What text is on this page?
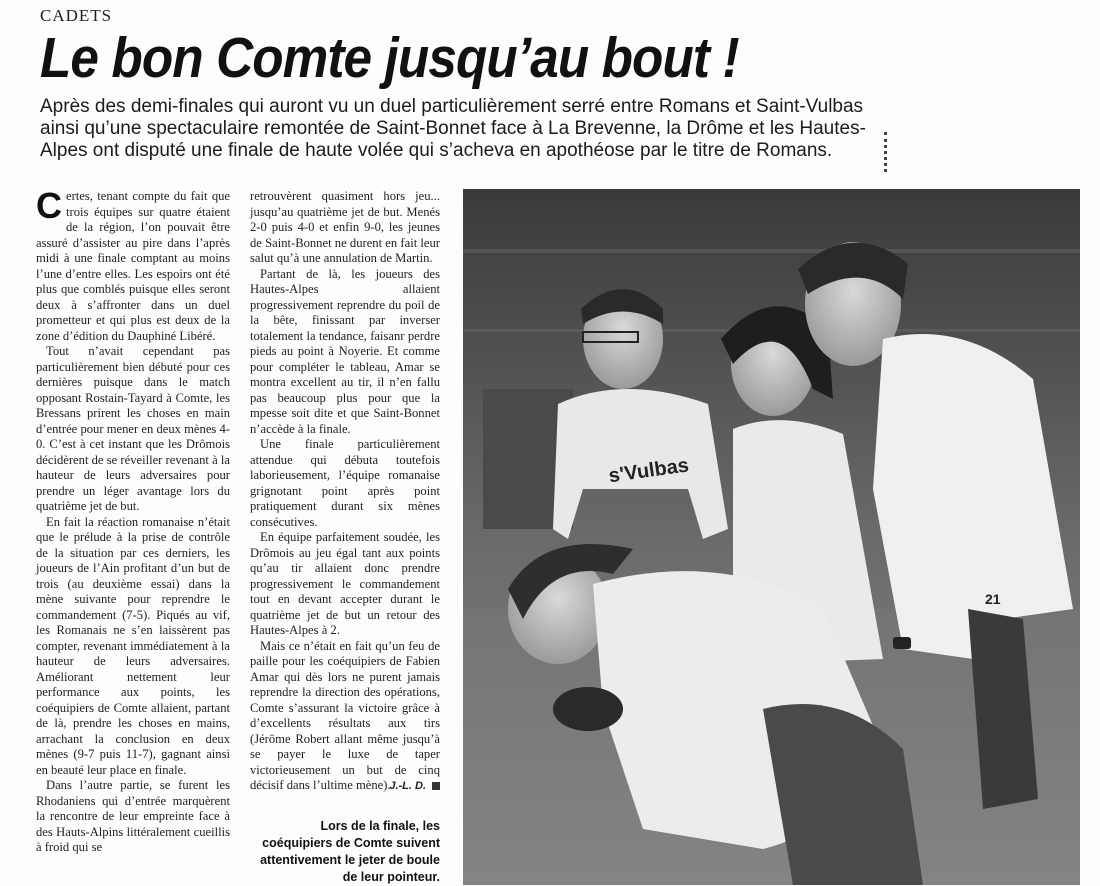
CADETS
Le bon Comte jusqu’au bout !

Après des demi-finales qui auront vu un duel particulièrement serré entre Romans et Saint-Vulbas ainsi qu’une spectaculaire remontée de Saint-Bonnet face à La Brevenne, la Drôme et les Hautes-Alpes ont disputé une finale de haute volée qui s’acheva en apothéose par le titre de Romans.

C ertes, tenant compte du fait que trois équipes sur quatre étaient de la région, l’on pouvait être assuré d’assister au pire dans l’après midi à une finale comptant au moins l’une d’entre elles. Les espoirs ont été plus que comblés puisque elles seront deux à s’affronter dans un duel prometteur et qui plus est deux de la zone d’édition du Dauphiné Libéré.

Tout n’avait cependant pas particulièrement bien débuté pour ces dernières puisque dans le match opposant Rostain-Tayard à Comte, les Bressans prirent les choses en main d’entrée pour mener en deux mènes 4-0. C’est à cet instant que les Drômois décidèrent de se réveiller revenant à la hauteur de leurs adversaires pour prendre un léger avantage lors du quatrième jet de but.

En fait la réaction romanaise n’était que le prélude à la prise de contrôle de la situation par ces derniers, les joueurs de l’Ain profitant d’un but de trois (au deuxième essai) dans la mène suivante pour reprendre le commandement (7-5). Piqués au vif, les Romanais ne s’en laissèrent pas compter, revenant immédiatement à la hauteur de leurs adversaires. Améliorant nettement leur performance aux points, les coéquipiers de Comte allaient, partant de là, prendre les choses en mains, arrachant la conclusion en deux mènes (9-7 puis 11-7), gagnant ainsi en beauté leur place en finale.

Dans l’autre partie, se furent les Rhodaniens qui d’entrée marquèrent la rencontre de leur empreinte face à des Hauts-Alpins littéralement cueillis à froid qui se

retrouvèrent quasiment hors jeu... jusqu’au quatrième jet de but. Menés 2-0 puis 4-0 et enfin 9-0, les jeunes de Saint-Bonnet ne durent en fait leur salut qu’à une annulation de Martin.

Partant de là, les joueurs des Hautes-Alpes allaient progressivement reprendre du poil de la bête, finissant par inverser totalement la tendance, faisanr perdre pieds au point à Noyerie. Et comme pour compléter le tableau, Amar se montra excellent au tir, il n’en fallu pas beaucoup plus pour que la mpesse soit dite et que Saint-Bonnet n’accède à la finale.

Une finale particulièrement attendue qui débuta toutefois laborieusement, l’équipe romanaise grignotant point après point pratiquement durant six mènes consécutives.

En équipe parfaitement soudée, les Drômois au jeu égal tant aux points qu’au tir allaient donc prendre progressivement le commandement tout en devant accepter durant le quatrième jet de but un retour des Hautes-Alpes à 2.

Mais ce n’était en fait qu’un feu de paille pour les coéquipiers de Fabien Amar qui dès lors ne purent jamais reprendre la direction des opérations, Comte s’assurant la victoire grâce à d’excellents résultats aux tirs (Jérôme Robert allant même jusqu’à se payer le luxe de taper victorieusement un but de cinq décisif dans l’ultime mène).

J.-L. D.

Lors de la finale, les coéquipiers de Comte suivent attentivement le jeter de boule de leur pointeur.

s'Vulbas
21
